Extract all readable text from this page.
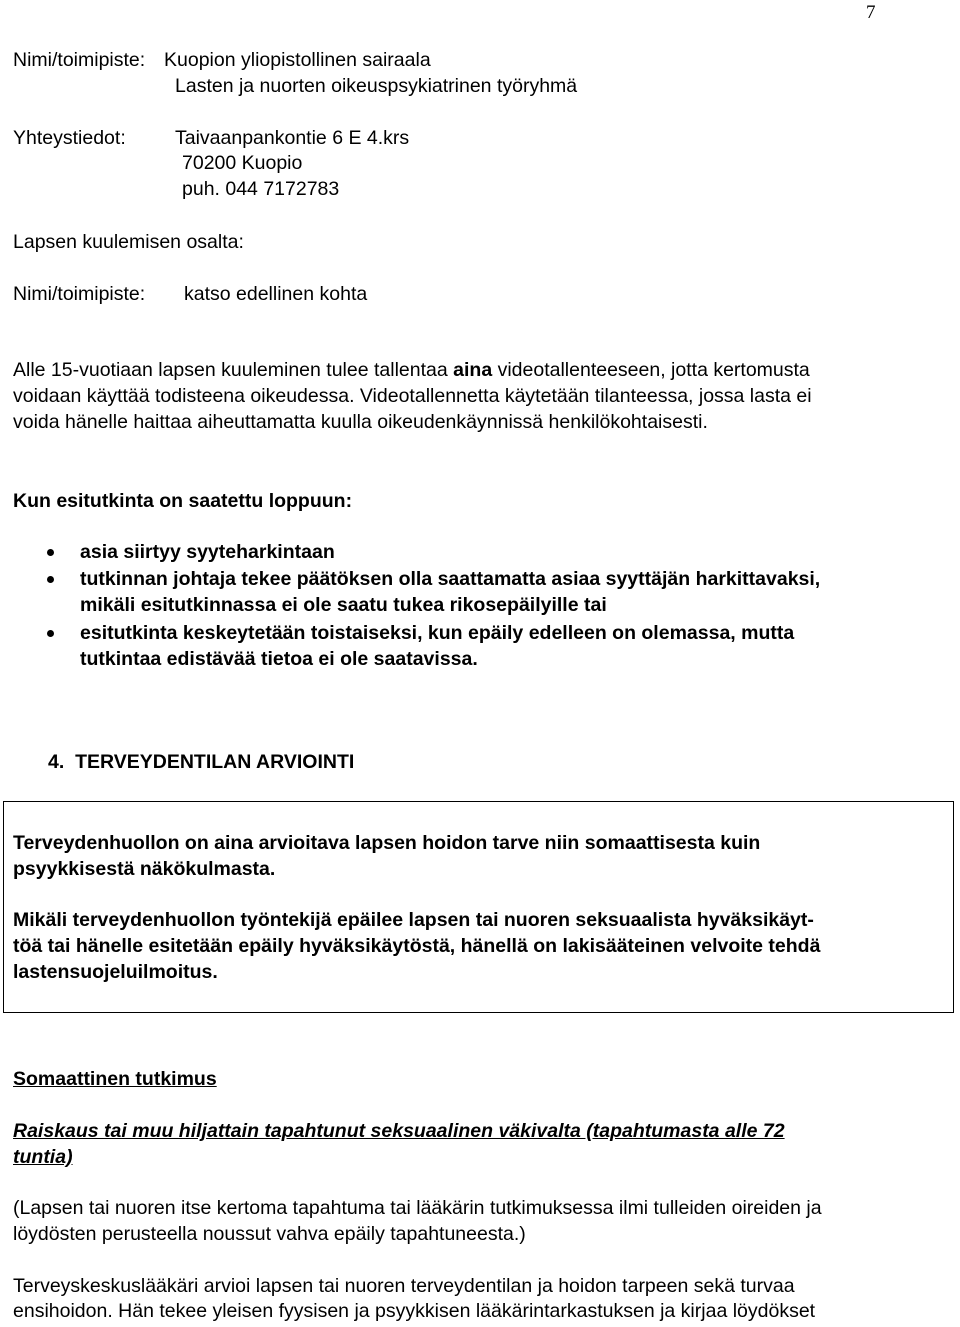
7
Nimi/toimipiste: Kuopion yliopistollinen sairaala
Lasten ja nuorten oikeuspsykiatrinen työryhmä
Yhteystiedot:	Taivaanpankontie 6 E 4.krs
70200 Kuopio
puh. 044 7172783
Lapsen kuulemisen osalta:
Nimi/toimipiste: katso edellinen kohta
Alle 15-vuotiaan lapsen kuuleminen tulee tallentaa aina videotallenteeseen, jotta kertomusta
voidaan käyttää todisteena oikeudessa. Videotallennetta käytetään tilanteessa, jossa lasta ei
voida hänelle haittaa aiheuttamatta kuulla oikeudenkäynnissä henkilökohtaisesti.
Kun esitutkinta on saatettu loppuun:
asia siirtyy syyteharkintaan
tutkinnan johtaja tekee päätöksen olla saattamatta asiaa syyttäjän harkittavaksi,
mikäli esitutkinnassa ei ole saatu tukea rikosepäilyille tai
esitutkinta keskeytetään toistaiseksi, kun epäily edelleen on olemassa, mutta
tutkintaa edistävää tietoa ei ole saatavissa.
4.  TERVEYDENTILAN ARVIOINTI
Terveydenhuollon on aina arvioitava lapsen hoidon tarve niin somaattisesta kuin
psyykkisestä näkökulmasta.
Mikäli terveydenhuollon työntekijä epäilee lapsen tai nuoren seksuaalista hyväksikäyt-
töä tai hänelle esitetään epäily hyväksikäytöstä, hänellä on lakisääteinen velvoite tehdä
lastensuojeluilmoitus.
Somaattinen tutkimus
Raiskaus tai muu hiljattain tapahtunut seksuaalinen väkivalta (tapahtumasta alle 72
tuntia)
(Lapsen tai nuoren itse kertoma tapahtuma tai lääkärin tutkimuksessa ilmi tulleiden oireiden ja
löydösten perusteella noussut vahva epäily tapahtuneesta.)
Terveyskeskuslääkäri arvioi lapsen tai nuoren terveydentilan ja hoidon tarpeen sekä turvaa
ensihoidon. Hän tekee yleisen fyysisen ja psyykkisen lääkärintarkastuksen ja kirjaa löydökset
